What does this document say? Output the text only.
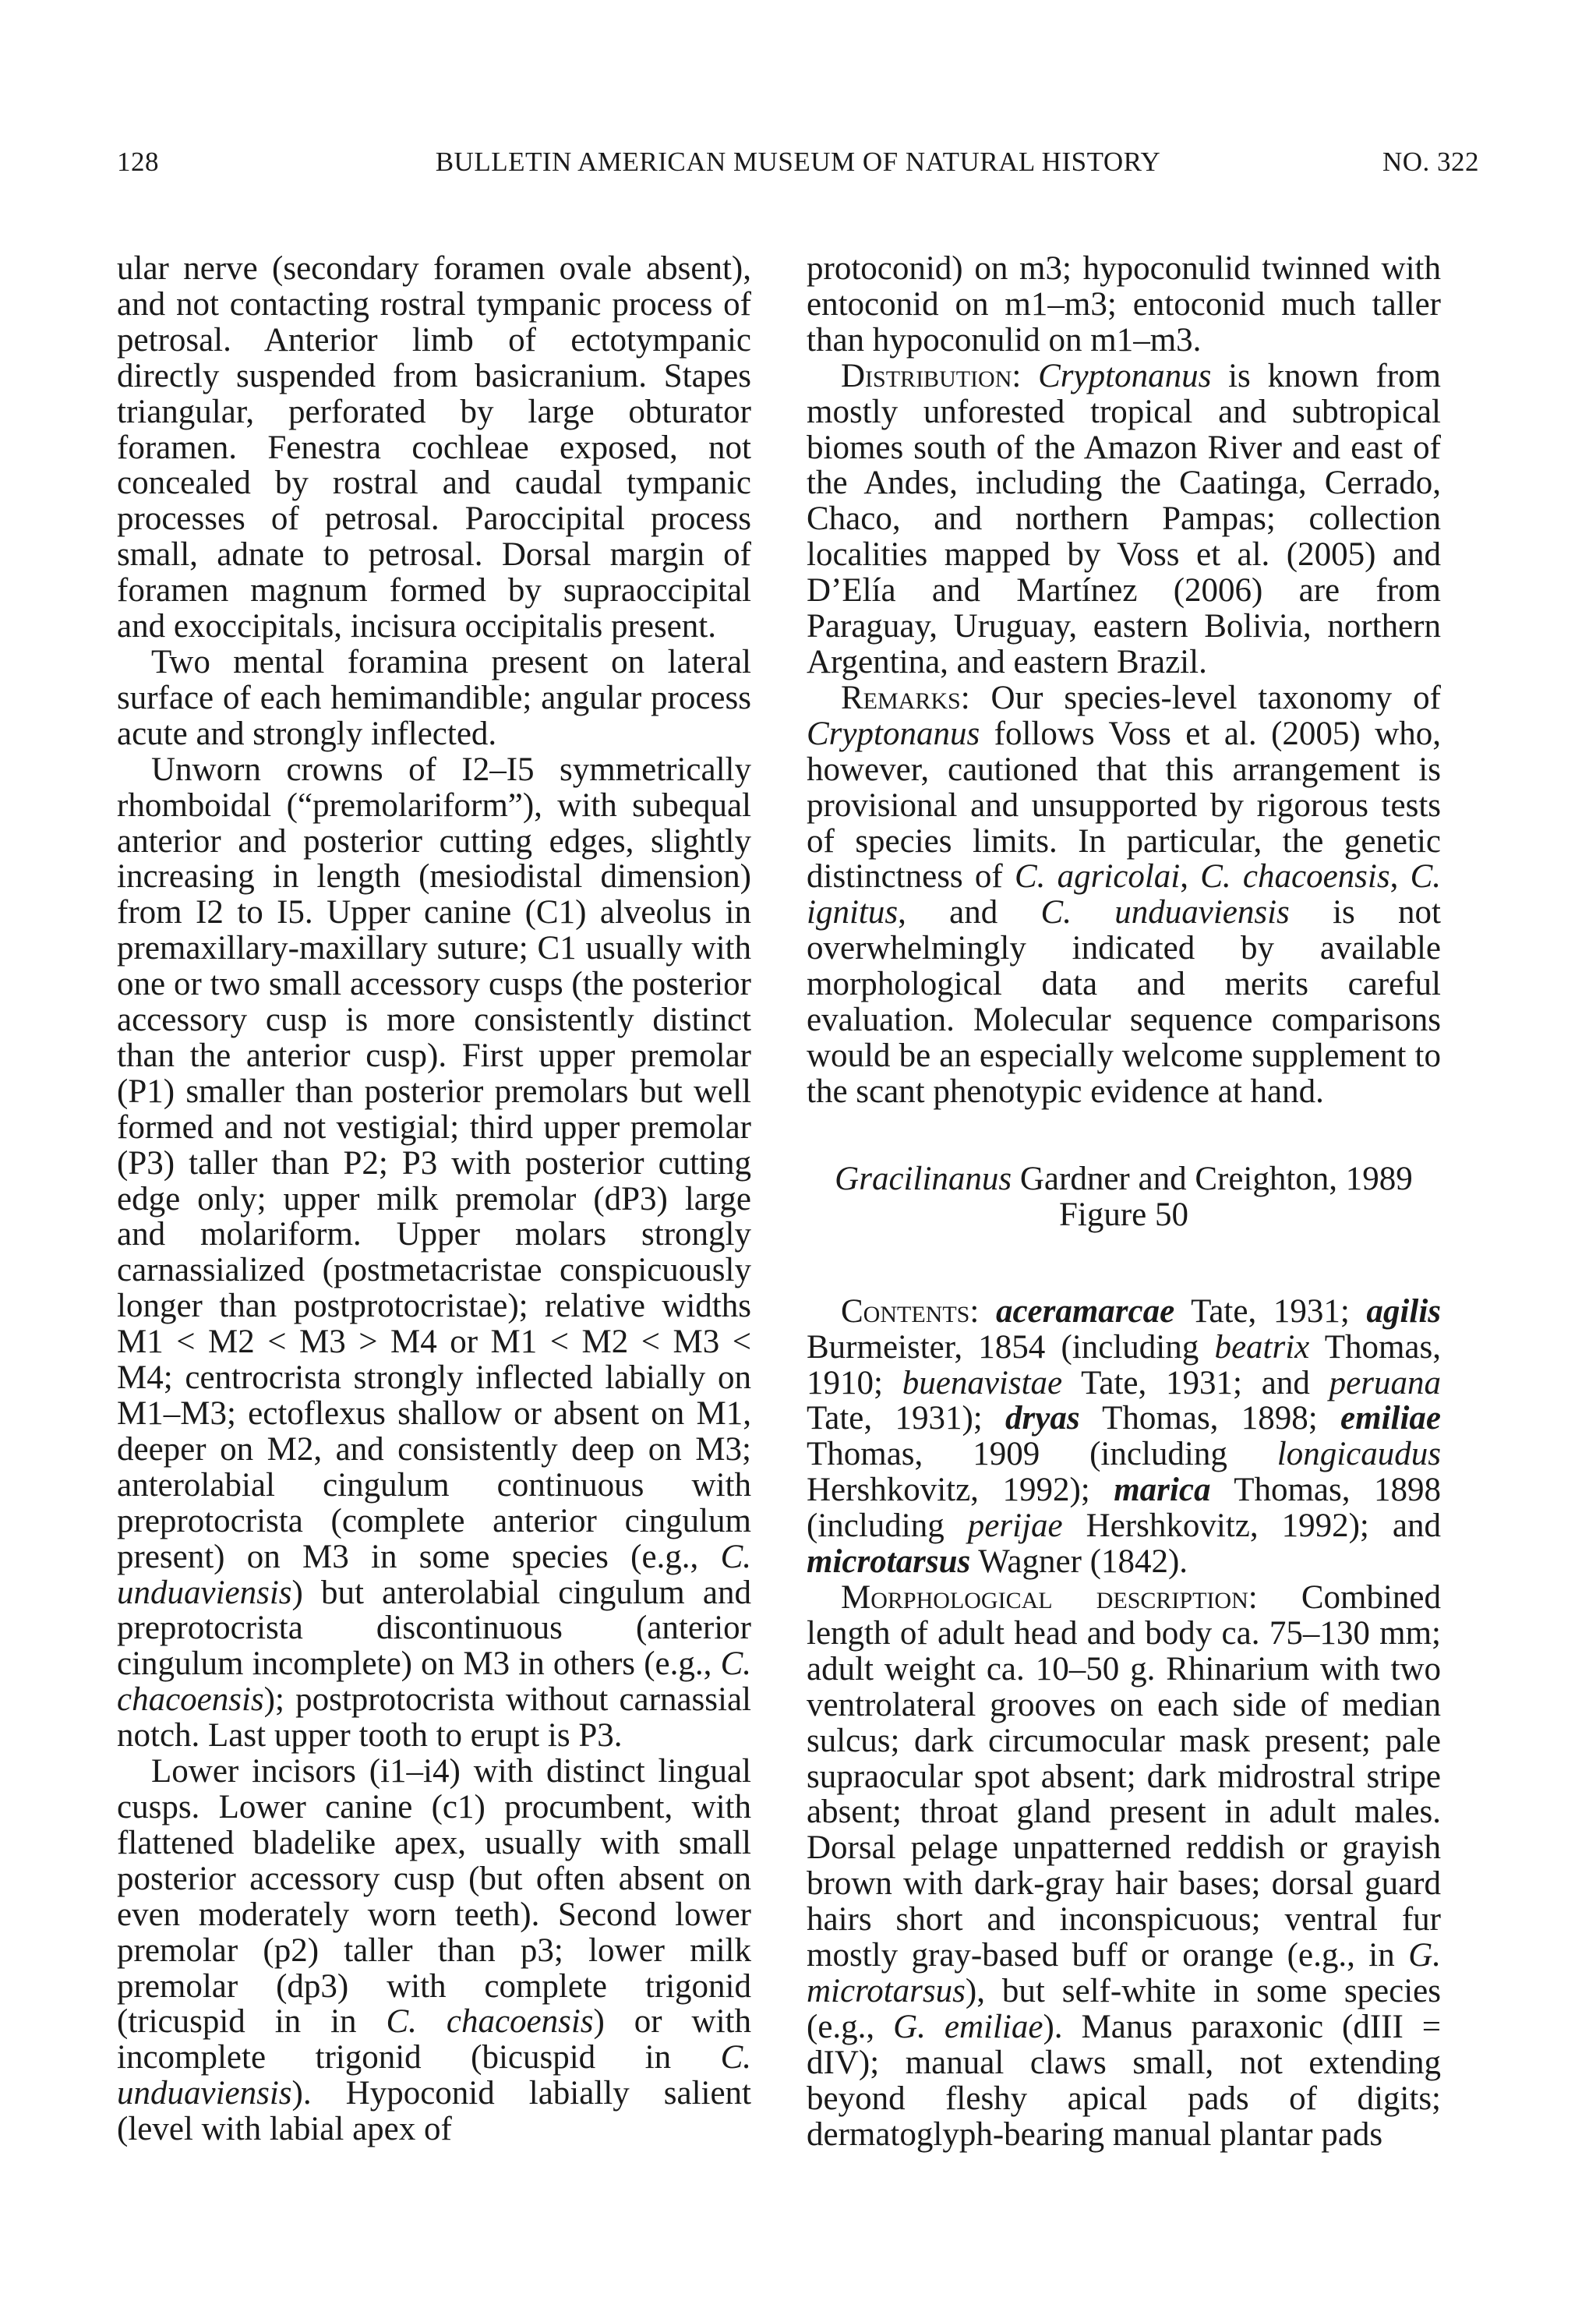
128	BULLETIN AMERICAN MUSEUM OF NATURAL HISTORY	NO. 322

ular nerve (secondary foramen ovale absent), and not contacting rostral tympanic process of petrosal. Anterior limb of ectotympanic directly suspended from basicranium. Stapes triangular, perforated by large obturator foramen. Fenestra cochleae exposed, not concealed by rostral and caudal tympanic processes of petrosal. Paroccipital process small, adnate to petrosal. Dorsal margin of foramen magnum formed by supraoccipital and exoccipitals, incisura occipitalis present.

Two mental foramina present on lateral surface of each hemimandible; angular process acute and strongly inflected.

Unworn crowns of I2–I5 symmetrically rhomboidal (“premolariform”), with subequal anterior and posterior cutting edges, slightly increasing in length (mesiodistal dimension) from I2 to I5. Upper canine (C1) alveolus in premaxillary-maxillary suture; C1 usually with one or two small accessory cusps (the posterior accessory cusp is more consistently distinct than the anterior cusp). First upper premolar (P1) smaller than posterior premolars but well formed and not vestigial; third upper premolar (P3) taller than P2; P3 with posterior cutting edge only; upper milk premolar (dP3) large and molariform. Upper molars strongly carnassialized (postmetacristae conspicuously longer than postprotocristae); relative widths M1 < M2 < M3 > M4 or M1 < M2 < M3 < M4; centrocrista strongly inflected labially on M1–M3; ectoflexus shallow or absent on M1, deeper on M2, and consistently deep on M3; anterolabial cingulum continuous with preprotocrista (complete anterior cingulum present) on M3 in some species (e.g., C. unduaviensis) but anterolabial cingulum and preprotocrista discontinuous (anterior cingulum incomplete) on M3 in others (e.g., C. chacoensis); postprotocrista without carnassial notch. Last upper tooth to erupt is P3.

Lower incisors (i1–i4) with distinct lingual cusps. Lower canine (c1) procumbent, with flattened bladelike apex, usually with small posterior accessory cusp (but often absent on even moderately worn teeth). Second lower premolar (p2) taller than p3; lower milk premolar (dp3) with complete trigonid (tricuspid in in C. chacoensis) or with incomplete trigonid (bicuspid in C. unduaviensis). Hypoconid labially salient (level with labial apex of

protoconid) on m3; hypoconulid twinned with entoconid on m1–m3; entoconid much taller than hypoconulid on m1–m3.

Distribution: Cryptonanus is known from mostly unforested tropical and subtropical biomes south of the Amazon River and east of the Andes, including the Caatinga, Cerrado, Chaco, and northern Pampas; collection localities mapped by Voss et al. (2005) and D’Elía and Martínez (2006) are from Paraguay, Uruguay, eastern Bolivia, northern Argentina, and eastern Brazil.

Remarks: Our species-level taxonomy of Cryptonanus follows Voss et al. (2005) who, however, cautioned that this arrangement is provisional and unsupported by rigorous tests of species limits. In particular, the genetic distinctness of C. agricolai, C. chacoensis, C. ignitus, and C. unduaviensis is not overwhelmingly indicated by available morphological data and merits careful evaluation. Molecular sequence comparisons would be an especially welcome supplement to the scant phenotypic evidence at hand.

Gracilinanus Gardner and Creighton, 1989
Figure 50

Contents: aceramarcae Tate, 1931; agilis Burmeister, 1854 (including beatrix Thomas, 1910; buenavistae Tate, 1931; and peruana Tate, 1931); dryas Thomas, 1898; emiliae Thomas, 1909 (including longicaudus Hershkovitz, 1992); marica Thomas, 1898 (including perijae Hershkovitz, 1992); and microtarsus Wagner (1842).

Morphological description: Combined length of adult head and body ca. 75–130 mm; adult weight ca. 10–50 g. Rhinarium with two ventrolateral grooves on each side of median sulcus; dark circumocular mask present; pale supraocular spot absent; dark midrostral stripe absent; throat gland present in adult males. Dorsal pelage unpatterned reddish or grayish brown with dark-gray hair bases; dorsal guard hairs short and inconspicuous; ventral fur mostly gray-based buff or orange (e.g., in G. microtarsus), but self-white in some species (e.g., G. emiliae). Manus paraxonic (dIII = dIV); manual claws small, not extending beyond fleshy apical pads of digits; dermatoglyph-bearing manual plantar pads
